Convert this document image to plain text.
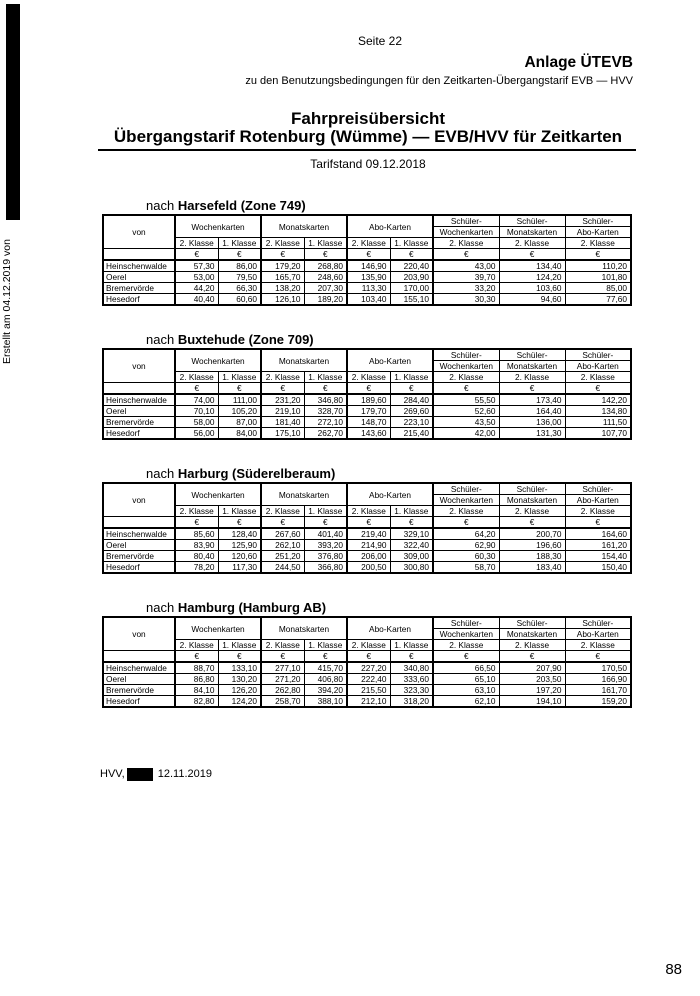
Erstellt am 04.12.2019 von
Seite 22
Anlage ÜTEVB
zu den Benutzungsbedingungen für den Zeitkarten-Übergangstarif EVB — HVV
Fahrpreisübersicht
Übergangstarif Rotenburg (Wümme) — EVB/HVV für Zeitkarten
Tarifstand 09.12.2018
nach Harsefeld (Zone 749)
von	Wochenkarten		Monatskarten		Abo-Karten		Schüler-	Schüler-	Schüler-
							Wochenkarten	Monatskarten	Abo-Karten
	2. Klasse	1. Klasse	2. Klasse	1. Klasse	2. Klasse	1. Klasse	2. Klasse	2. Klasse	2. Klasse
	€	€	€	€	€	€	€	€	€
Heinschenwalde	57,30	86,00	179,20	268,80	146,90	220,40	43,00	134,40	110,20
Oerel	53,00	79,50	165,70	248,60	135,90	203,90	39,70	124,20	101,80
Bremervörde	44,20	66,30	138,20	207,30	113,30	170,00	33,20	103,60	85,00
Hesedorf	40,40	60,60	126,10	189,20	103,40	155,10	30,30	94,60	77,60
nach Buxtehude (Zone 709)
von	Wochenkarten		Monatskarten		Abo-Karten		Schüler-	Schüler-	Schüler-
							Wochenkarten	Monatskarten	Abo-Karten
	2. Klasse	1. Klasse	2. Klasse	1. Klasse	2. Klasse	1. Klasse	2. Klasse	2. Klasse	2. Klasse
	€	€	€	€	€	€	€	€	€
Heinschenwalde	74,00	111,00	231,20	346,80	189,60	284,40	55,50	173,40	142,20
Oerel	70,10	105,20	219,10	328,70	179,70	269,60	52,60	164,40	134,80
Bremervörde	58,00	87,00	181,40	272,10	148,70	223,10	43,50	136,00	111,50
Hesedorf	56,00	84,00	175,10	262,70	143,60	215,40	42,00	131,30	107,70
nach Harburg (Süderelberaum)
von	Wochenkarten		Monatskarten		Abo-Karten		Schüler-	Schüler-	Schüler-
							Wochenkarten	Monatskarten	Abo-Karten
	2. Klasse	1. Klasse	2. Klasse	1. Klasse	2. Klasse	1. Klasse	2. Klasse	2. Klasse	2. Klasse
	€	€	€	€	€	€	€	€	€
Heinschenwalde	85,60	128,40	267,60	401,40	219,40	329,10	64,20	200,70	164,60
Oerel	83,90	125,90	262,10	393,20	214,90	322,40	62,90	196,60	161,20
Bremervörde	80,40	120,60	251,20	376,80	206,00	309,00	60,30	188,30	154,40
Hesedorf	78,20	117,30	244,50	366,80	200,50	300,80	58,70	183,40	150,40
nach Hamburg (Hamburg AB)
von	Wochenkarten		Monatskarten		Abo-Karten		Schüler-	Schüler-	Schüler-
							Wochenkarten	Monatskarten	Abo-Karten
	2. Klasse	1. Klasse	2. Klasse	1. Klasse	2. Klasse	1. Klasse	2. Klasse	2. Klasse	2. Klasse
	€	€	€	€	€	€	€	€	€
Heinschenwalde	88,70	133,10	277,10	415,70	227,20	340,80	66,50	207,90	170,50
Oerel	86,80	130,20	271,20	406,80	222,40	333,60	65,10	203,50	166,90
Bremervörde	84,10	126,20	262,80	394,20	215,50	323,30	63,10	197,20	161,70
Hesedorf	82,80	124,20	258,70	388,10	212,10	318,20	62,10	194,10	159,20
HVV,	12.11.2019
88
